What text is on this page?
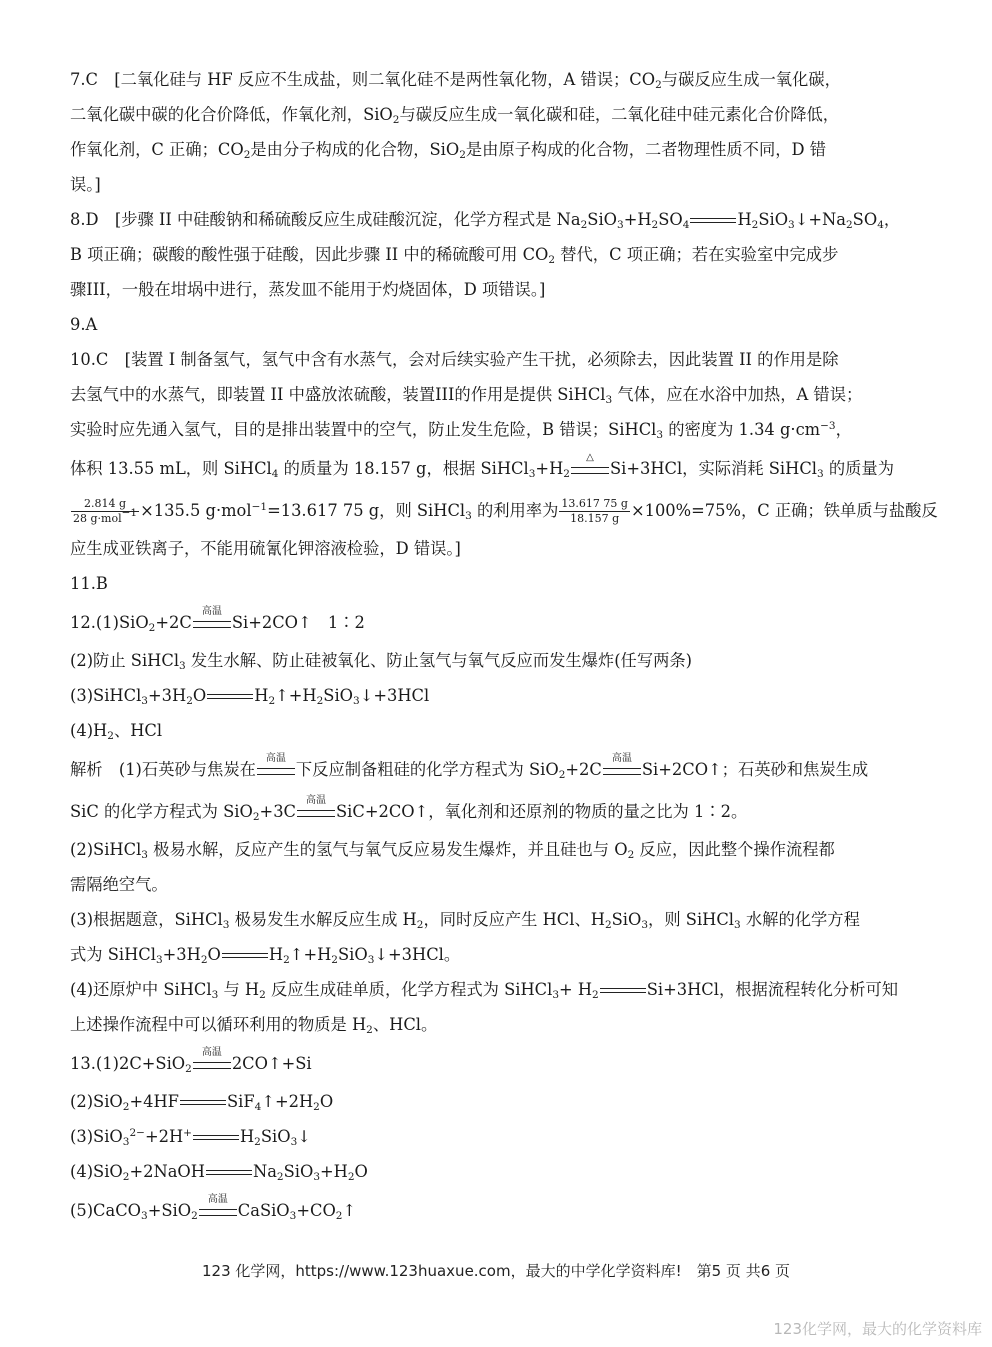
7.C　[二氧化硅与 HF 反应不生成盐，则二氧化硅不是两性氧化物，A 错误；$CO_2$与碳反应生成一氧化碳，
二氧化碳中碳的化合价降低，作氧化剂，SiO$_2$与碳反应生成一氧化碳和硅，二氧化硅中硅元素化合价降低，
作氧化剂，C 正确；$CO_2$是由分子构成的化合物，SiO$_2$是由原子构成的化合物，二者物理性质不同，D 错
误。]
8.D　[步骤 II 中硅酸钠和稀硫酸反应生成硅酸沉淀，化学方程式是 $Na_2SiO_3+H_2SO_4$	$H_2SiO_3↓+Na_2SO_4$，
B 项正确；碳酸的酸性强于硅酸，因此步骤 II 中的稀硫酸可用 $CO_2$ 替代，C 项正确；若在实验室中完成步
骤III，一般在坩埚中进行，蒸发皿不能用于灼烧固体，D 项错误。]
9.A
10.C　[装置 I 制备氢气，氢气中含有水蒸气，会对后续实验产生干扰，必须除去，因此装置 II 的作用是除
去氢气中的水蒸气，即装置 II 中盛放浓硫酸，装置III的作用是提供 SiHCl$_3$ 气体，应在水浴中加热，A 错误；
实验时应先通入氢气，目的是排出装置中的空气，防止发生危险，B 错误；SiHCl$_3$ 的密度为 1.34 $g\cdot cm^{-3}$，
体积 13.55 mL，则 SiHCl$_4$ 的质量为 18.157 g，根据 $SiHCl_3+H_2$
△
Si+3HCl，实际消耗 SiHCl$_3$ 的质量为
$\frac{2.814 g}{28 g\cdot mol^{-1}} \times 135.5$ g·mol$^{-1}$=13.617 75 g，则 SiHCl$_3$ 的利用率为 $\frac{13.617 75 g}{18.157 g} \times 100\%=75\%$，C 正确；铁单质与盐酸反
应生成亚铁离子，不能用硫氰化钾溶液检验，D 错误。]
11.B
12.(1)SiO$_2$+2C
高温
Si+2CO↑　1∶2
(2)防止 SiHCl$_3$ 发生水解、防止硅被氧化、防止氢气与氧气反应而发生爆炸(任写两条)
$(3)SiHCl_3+3H_2O$	$H_2↑+H_2SiO_3↓+3HCl$
$(4)H_2$、HCl
解析　(1)石英砂与焦炭在
高温
下反应制备粗硅的化学方程式为 SiO$_2$+2C
高温
Si+2CO↑；石英砂和焦炭生成
SiC 的化学方程式为 SiO$_2$+3C
高温
SiC+2CO↑，氧化剂和还原剂的物质的量之比为 1∶2。
(2)SiHCl$_3$ 极易水解，反应产生的氢气与氧气反应易发生爆炸，并且硅也与 $O_2$ 反应，因此整个操作流程都
需隔绝空气。
(3)根据题意，SiHCl$_3$ 极易发生水解反应生成 $H_2$，同时反应产生 HCl、$H_2SiO_3$，则 SiHCl$_3$ 水解的化学方程
式为 $SiHCl_3+3H_2O$	$H_2↑+H_2SiO_3↓+3HCl$。
(4)还原炉中 SiHCl$_3$ 与 $H_2$ 反应生成硅单质，化学方程式为 SiHCl$_3$+ $H_2$	Si+3HCl，根据流程转化分析可知
上述操作流程中可以循环利用的物质是 $H_2$、HCl。
13.(1)2C+SiO$_2$
高温
2CO↑+Si
(2)SiO$_2$+4HF	$SiF_4↑+2H_2O$
(3)SiO$_3^{2-}$+2H+	$H_2SiO_3↓$
(4)SiO$_2$+2NaOH	$Na_2SiO_3+H_2O$
(5)CaCO$_3$+SiO$_2$
高温
$CaSiO_3+CO_2↑$
123 化学网，https://www.123huaxue.com，最大的中学化学资料库!　第5 页 共6 页
123化学网，最大的化学资料库
